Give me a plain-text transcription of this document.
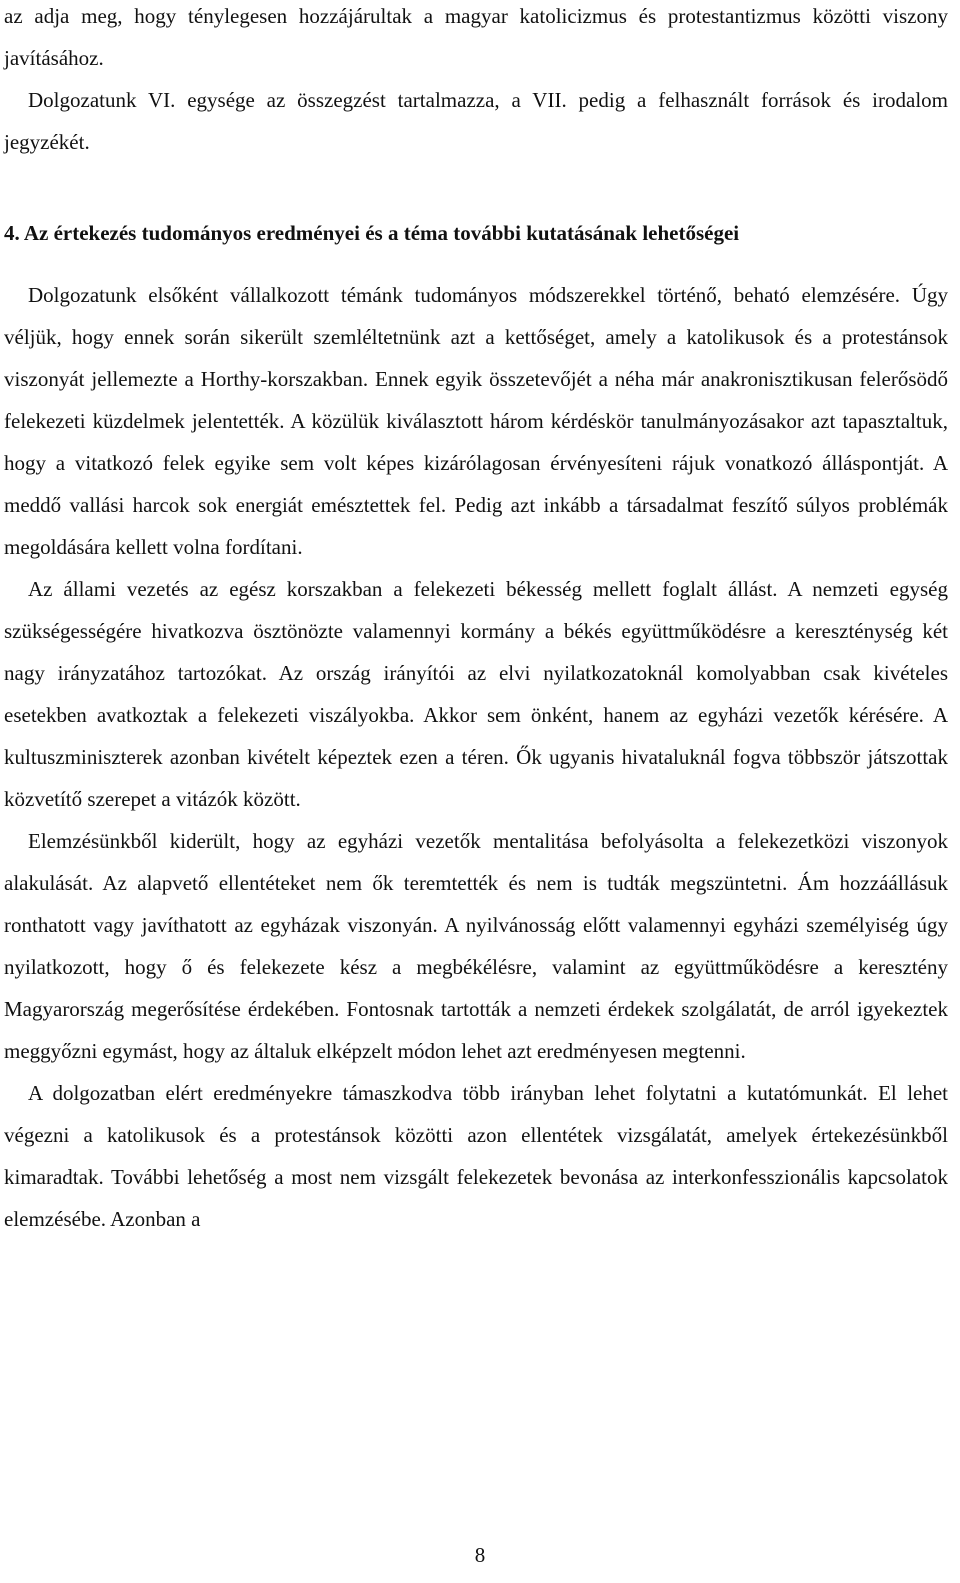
az adja meg, hogy ténylegesen hozzájárultak a magyar katolicizmus és protestantizmus közötti viszony javításához.

Dolgozatunk VI. egysége az összegzést tartalmazza, a VII. pedig a felhasznált források és irodalom jegyzékét.

4. Az értekezés tudományos eredményei és a téma további kutatásának lehetőségei

Dolgozatunk elsőként vállalkozott témánk tudományos módszerekkel történő, beható elemzésére. Úgy véljük, hogy ennek során sikerült szemléltetnünk azt a kettőséget, amely a katolikusok és a protestánsok viszonyát jellemezte a Horthy-korszakban. Ennek egyik összetevőjét a néha már anakronisztikusan felerősödő felekezeti küzdelmek jelentették. A közülük kiválasztott három kérdéskör tanulmányozásakor azt tapasztaltuk, hogy a vitatkozó felek egyike sem volt képes kizárólagosan érvényesíteni rájuk vonatkozó álláspontját. A meddő vallási harcok sok energiát emésztettek fel. Pedig azt inkább a társadalmat feszítő súlyos problémák megoldására kellett volna fordítani.

Az állami vezetés az egész korszakban a felekezeti békesség mellett foglalt állást. A nemzeti egység szükségességére hivatkozva ösztönözte valamennyi kormány a békés együttműködésre a kereszténység két nagy irányzatához tartozókat. Az ország irányítói az elvi nyilatkozatoknál komolyabban csak kivételes esetekben avatkoztak a felekezeti viszályokba. Akkor sem önként, hanem az egyházi vezetők kérésére. A kultuszminiszterek azonban kivételt képeztek ezen a téren. Ők ugyanis hivataluknál fogva többször játszottak közvetítő szerepet a vitázók között.

Elemzésünkből kiderült, hogy az egyházi vezetők mentalitása befolyásolta a felekezetközi viszonyok alakulását. Az alapvető ellentéteket nem ők teremtették és nem is tudták megszüntetni. Ám hozzáállásuk ronthatott vagy javíthatott az egyházak viszonyán. A nyilvánosság előtt valamennyi egyházi személyiség úgy nyilatkozott, hogy ő és felekezete kész a megbékélésre, valamint az együttműködésre a keresztény Magyarország megerősítése érdekében. Fontosnak tartották a nemzeti érdekek szolgálatát, de arról igyekeztek meggyőzni egymást, hogy az általuk elképzelt módon lehet azt eredményesen megtenni.

A dolgozatban elért eredményekre támaszkodva több irányban lehet folytatni a kutatómunkát. El lehet végezni a katolikusok és a protestánsok közötti azon ellentétek vizsgálatát, amelyek értekezésünkből kimaradtak. További lehetőség a most nem vizsgált felekezetek bevonása az interkonfesszionális kapcsolatok elemzésébe. Azonban a

8
